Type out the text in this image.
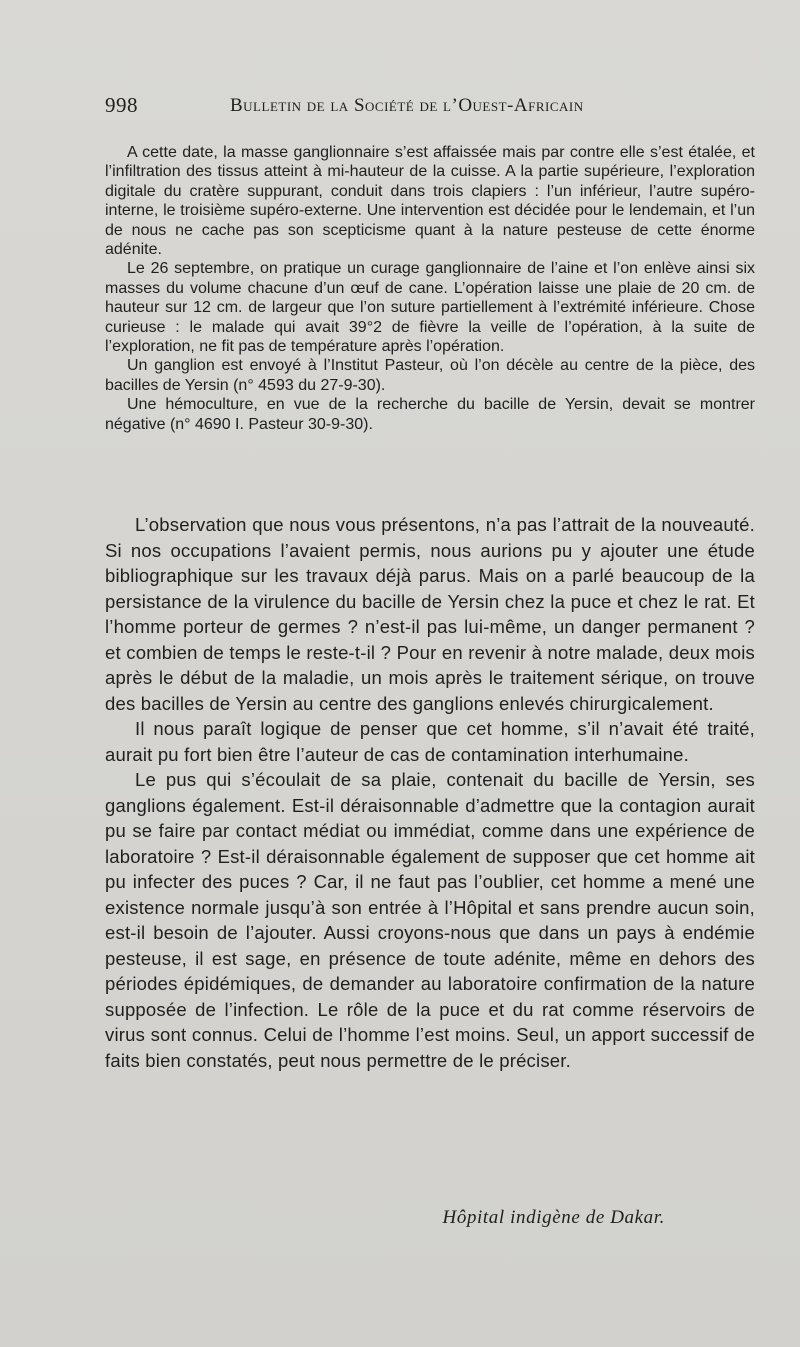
998	Bulletin de la Société de l’Ouest-Africain

A cette date, la masse ganglionnaire s’est affaissée mais par contre elle s’est étalée, et l’infiltration des tissus atteint à mi-hauteur de la cuisse. A la partie supérieure, l’exploration digitale du cratère suppurant, conduit dans trois clapiers : l’un inférieur, l’autre supéro-interne, le troisième supéro-externe. Une intervention est décidée pour le lendemain, et l’un de nous ne cache pas son scepticisme quant à la nature pesteuse de cette énorme adénite.

Le 26 septembre, on pratique un curage ganglionnaire de l’aine et l’on enlève ainsi six masses du volume chacune d’un œuf de cane. L’opération laisse une plaie de 20 cm. de hauteur sur 12 cm. de largeur que l’on suture partiellement à l’extrémité inférieure. Chose curieuse : le malade qui avait 39°2 de fièvre la veille de l’opération, à la suite de l’exploration, ne fit pas de température après l’opération.

Un ganglion est envoyé à l’Institut Pasteur, où l’on décèle au centre de la pièce, des bacilles de Yersin (n° 4593 du 27-9-30).

Une hémoculture, en vue de la recherche du bacille de Yersin, devait se montrer négative (n° 4690 I. Pasteur 30-9-30).

L’observation que nous vous présentons, n’a pas l’attrait de la nouveauté. Si nos occupations l’avaient permis, nous aurions pu y ajouter une étude bibliographique sur les travaux déjà parus. Mais on a parlé beaucoup de la persistance de la virulence du bacille de Yersin chez la puce et chez le rat. Et l’homme porteur de germes ? n’est-il pas lui-même, un danger permanent ? et combien de temps le reste-t-il ? Pour en revenir à notre malade, deux mois après le début de la maladie, un mois après le traitement sérique, on trouve des bacilles de Yersin au centre des ganglions enlevés chirurgicalement.

Il nous paraît logique de penser que cet homme, s’il n’avait été traité, aurait pu fort bien être l’auteur de cas de contamination interhumaine.

Le pus qui s’écoulait de sa plaie, contenait du bacille de Yersin, ses ganglions également. Est-il déraisonnable d’admettre que la contagion aurait pu se faire par contact médiat ou immédiat, comme dans une expérience de laboratoire ? Est-il déraisonnable également de supposer que cet homme ait pu infecter des puces ? Car, il ne faut pas l’oublier, cet homme a mené une existence normale jusqu’à son entrée à l’Hôpital et sans prendre aucun soin, est-il besoin de l’ajouter. Aussi croyons-nous que dans un pays à endémie pesteuse, il est sage, en présence de toute adénite, même en dehors des périodes épidémiques, de demander au laboratoire confirmation de la nature supposée de l’infection. Le rôle de la puce et du rat comme réservoirs de virus sont connus. Celui de l’homme l’est moins. Seul, un apport successif de faits bien constatés, peut nous permettre de le préciser.

Hôpital indigène de Dakar.
